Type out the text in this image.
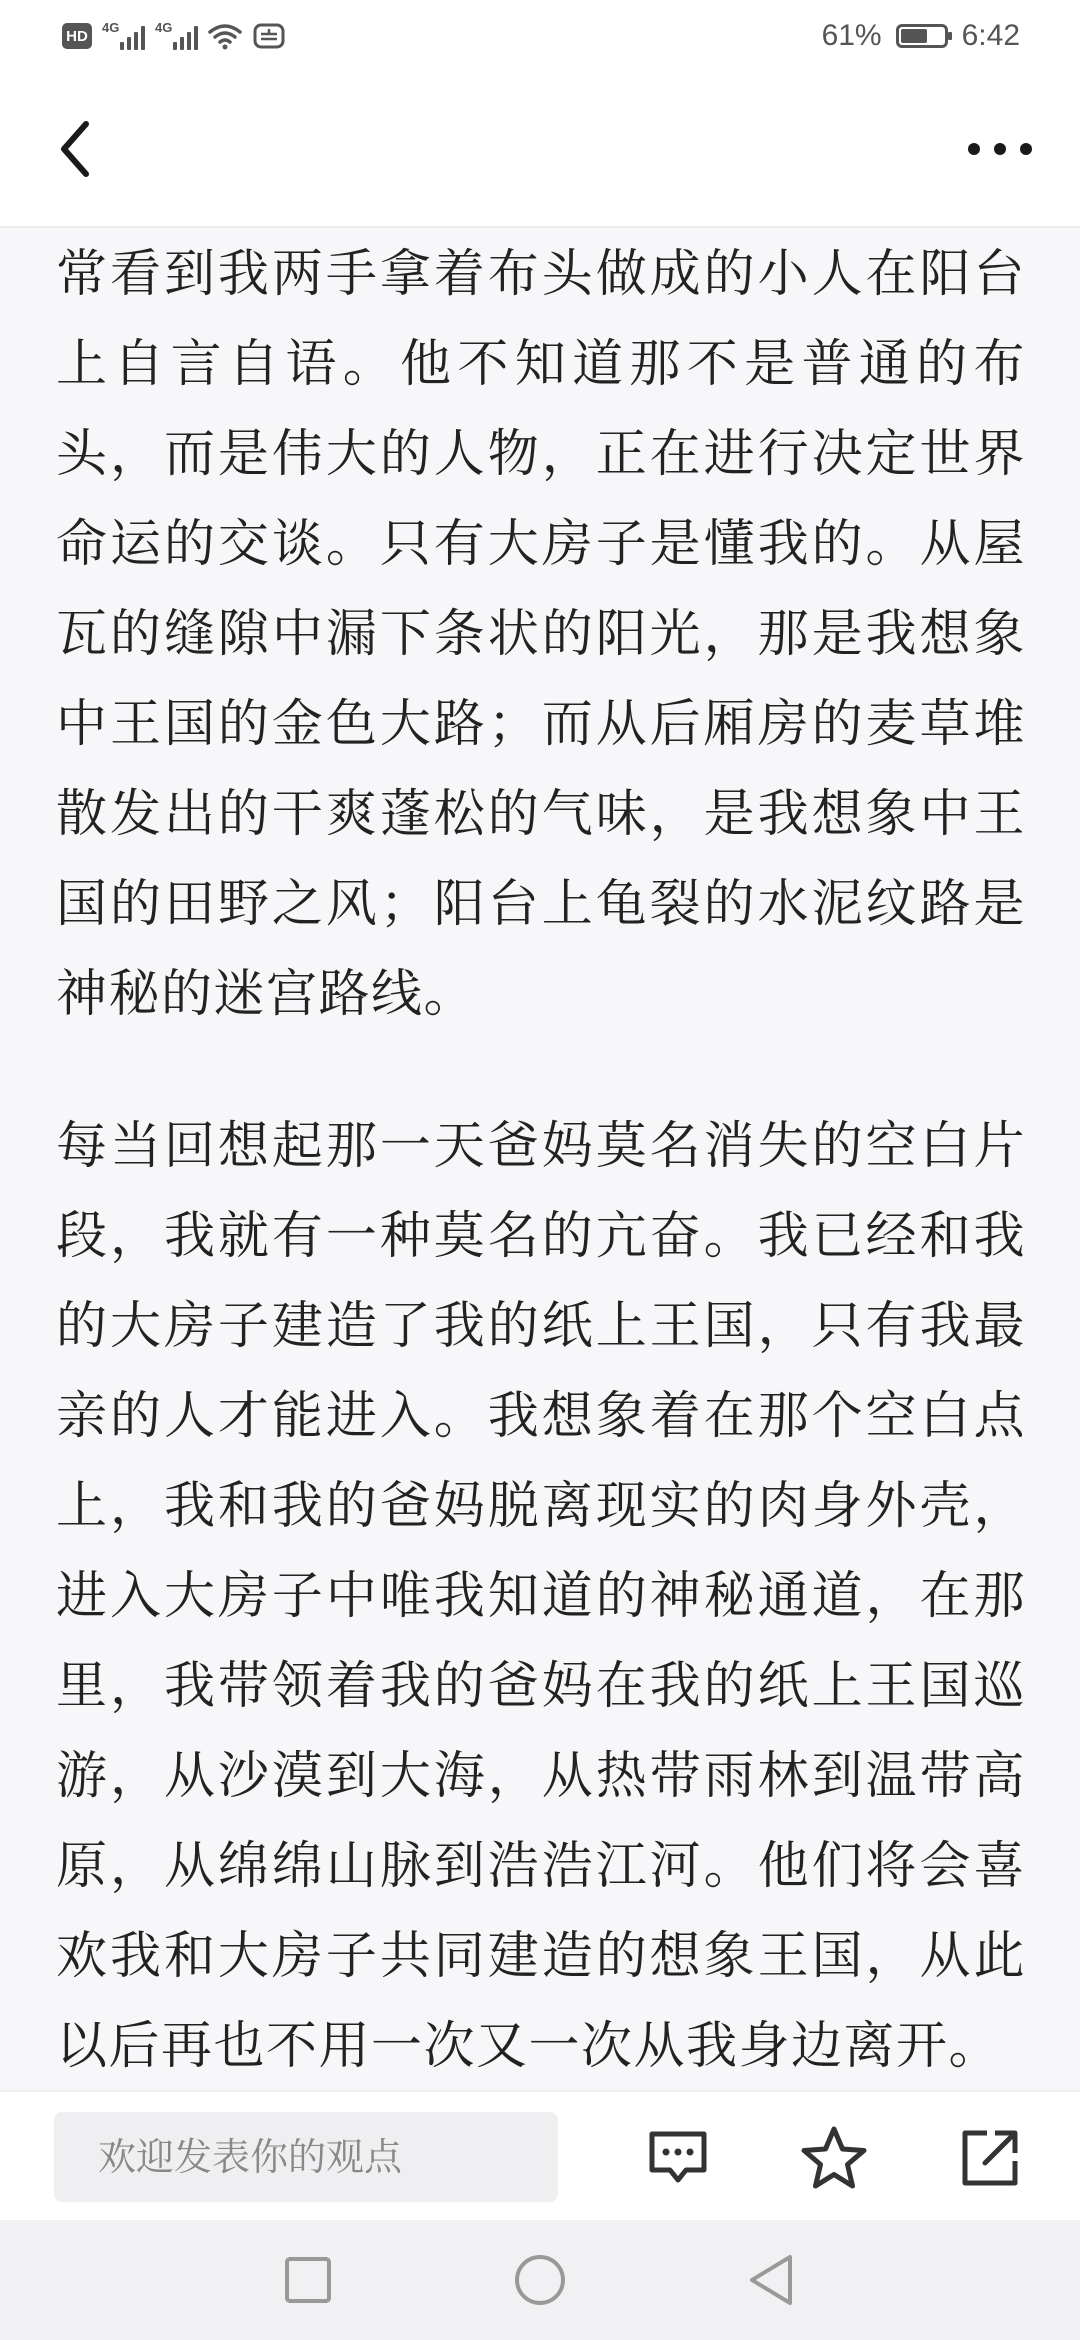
HD	4G	4G	61%	6:42

常看到我两手拿着布头做成的小人在阳台上自言自语。他不知道那不是普通的布头，而是伟大的人物，正在进行决定世界命运的交谈。只有大房子是懂我的。从屋瓦的缝隙中漏下条状的阳光，那是我想象中王国的金色大路；而从后厢房的麦草堆散发出的干爽蓬松的气味，是我想象中王国的田野之风；阳台上龟裂的水泥纹路是神秘的迷宫路线。

每当回想起那一天爸妈莫名消失的空白片段，我就有一种莫名的亢奋。我已经和我的大房子建造了我的纸上王国，只有我最亲的人才能进入。我想象着在那个空白点上，我和我的爸妈脱离现实的肉身外壳，进入大房子中唯我知道的神秘通道，在那里，我带领着我的爸妈在我的纸上王国巡游，从沙漠到大海，从热带雨林到温带高原，从绵绵山脉到浩浩江河。他们将会喜欢我和大房子共同建造的想象王国，从此以后再也不用一次又一次从我身边离开。

欢迎发表你的观点
